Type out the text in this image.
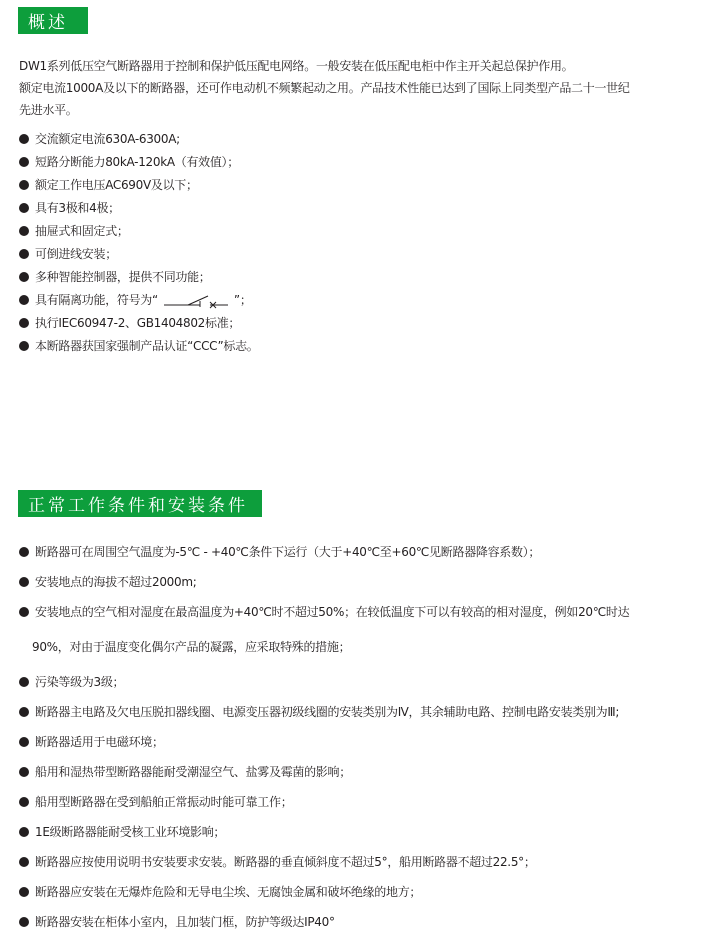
概述

DW1系列低压空气断路器用于控制和保护低压配电网络。一般安装在低压配电柜中作主开关起总保护作用。

额定电流1000A及以下的断路器，还可作电动机不频繁起动之用。产品技术性能已达到了国际上同类型产品二十一世纪

先进水平。

交流额定电流630A-6300A;
短路分断能力80kA-120kA（有效值）；
额定工作电压AC690V及以下；
具有3极和4极；
抽屉式和固定式；
可倒进线安装；
多种智能控制器，提供不同功能；
具有隔离功能，符号为“	”；
执行IEC60947-2、GB1404802标准；
本断路器获国家强制产品认证“CCC”标志。
正常工作条件和安装条件
断路器可在周围空气温度为-5℃ - +40℃条件下运行（大于+40℃至+60℃见断路器降容系数）；
安装地点的海拔不超过2000m;
安装地点的空气相对湿度在最高温度为+40℃时不超过50%；在较低温度下可以有较高的相对湿度，例如20℃时达
90%，对由于温度变化偶尔产品的凝露，应采取特殊的措施；
污染等级为3级；
断路器主电路及欠电压脱扣器线圈、电源变压器初级线圈的安装类别为Ⅳ，其余辅助电路、控制电路安装类别为Ⅲ;
断路器适用于电磁环境；
船用和湿热带型断路器能耐受潮湿空气、盐雾及霉菌的影响；
船用型断路器在受到船舶正常振动时能可靠工作；
1E级断路器能耐受核工业环境影响；
断路器应按使用说明书安装要求安装。断路器的垂直倾斜度不超过5°，船用断路器不超过22.5°；
断路器应安装在无爆炸危险和无导电尘埃、无腐蚀金属和破坏绝缘的地方；
断路器安装在柜体小室内，且加装门框，防护等级达IP40°
